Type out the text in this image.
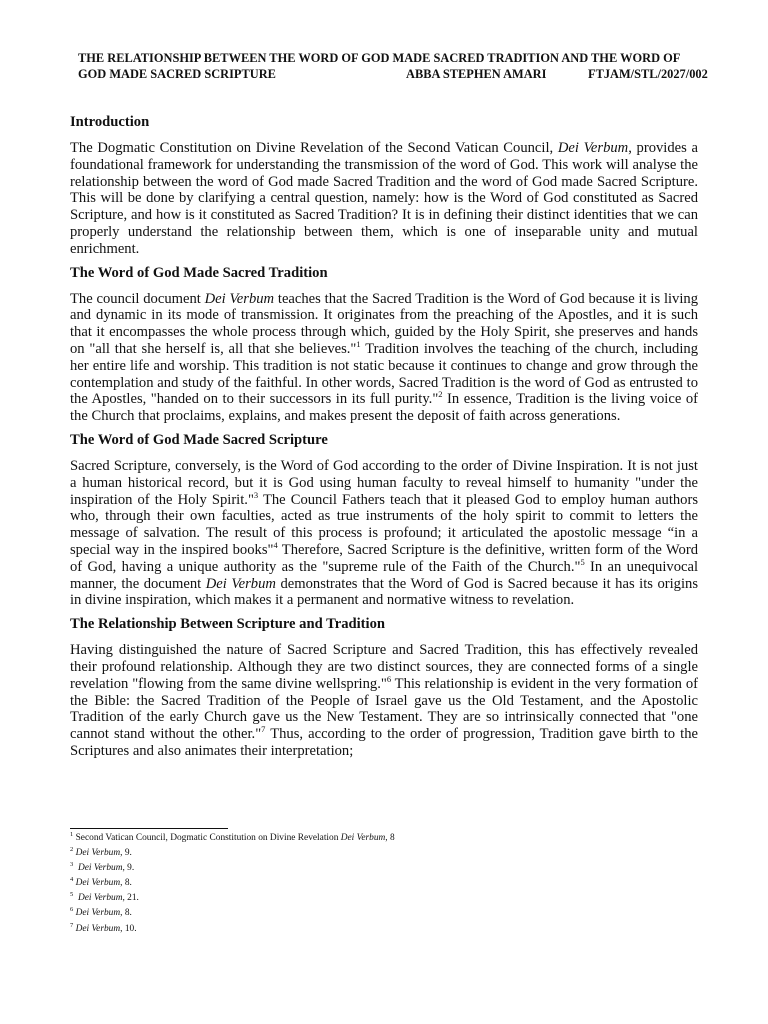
THE RELATIONSHIP BETWEEN THE WORD OF GOD MADE SACRED TRADITION AND THE WORD OF
GOD MADE SACRED SCRIPTURE	ABBA STEPHEN AMARI	FTJAM/STL/2027/002
Introduction

The Dogmatic Constitution on Divine Revelation of the Second Vatican Council, Dei Verbum, provides a foundational framework for understanding the transmission of the word of God. This work will analyse the relationship between the word of God made Sacred Tradition and the word of God made Sacred Scripture. This will be done by clarifying a central question, namely: how is the Word of God constituted as Sacred Scripture, and how is it constituted as Sacred Tradition? It is in defining their distinct identities that we can properly understand the relationship between them, which is one of inseparable unity and mutual enrichment.

The Word of God Made Sacred Tradition

The council document Dei Verbum teaches that the Sacred Tradition is the Word of God because it is living and dynamic in its mode of transmission. It originates from the preaching of the Apostles, and it is such that it encompasses the whole process through which, guided by the Holy Spirit, she preserves and hands on "all that she herself is, all that she believes."$^1$ Tradition involves the teaching of the church, including her entire life and worship. This tradition is not static because it continues to change and grow through the contemplation and study of the faithful. In other words, Sacred Tradition is the word of God as entrusted to the Apostles, "handed on to their successors in its full purity."$^2$ In essence, Tradition is the living voice of the Church that proclaims, explains, and makes present the deposit of faith across generations.

The Word of God Made Sacred Scripture

Sacred Scripture, conversely, is the Word of God according to the order of Divine Inspiration. It is not just a human historical record, but it is God using human faculty to reveal himself to humanity "under the inspiration of the Holy Spirit."$^3$ The Council Fathers teach that it pleased God to employ human authors who, through their own faculties, acted as true instruments of the holy spirit to commit to letters the message of salvation. The result of this process is profound; it articulated the apostolic message “in a special way in the inspired books"$^4$ Therefore, Sacred Scripture is the definitive, written form of the Word of God, having a unique authority as the "supreme rule of the Faith of the Church."$^5$ In an unequivocal manner, the document Dei Verbum demonstrates that the Word of God is Sacred because it has its origins in divine inspiration, which makes it a permanent and normative witness to revelation.

The Relationship Between Scripture and Tradition

Having distinguished the nature of Sacred Scripture and Sacred Tradition, this has effectively revealed their profound relationship. Although they are two distinct sources, they are connected forms of a single revelation "flowing from the same divine wellspring."$^6$ This relationship is evident in the very formation of the Bible: the Sacred Tradition of the People of Israel gave us the Old Testament, and the Apostolic Tradition of the early Church gave us the New Testament. They are so intrinsically connected that "one cannot stand without the other."$^7$ Thus, according to the order of progression, Tradition gave birth to the Scriptures and also animates their interpretation;

$^1$ Second Vatican Council, Dogmatic Constitution on Divine Revelation Dei Verbum, 8
$^2$ Dei Verbum, 9.
$^3$ Dei Verbum, 9.
$^4$ Dei Verbum, 8.
$^5$ Dei Verbum, 21.
$^6$ Dei Verbum, 8.
$^7$ Dei Verbum, 10.
